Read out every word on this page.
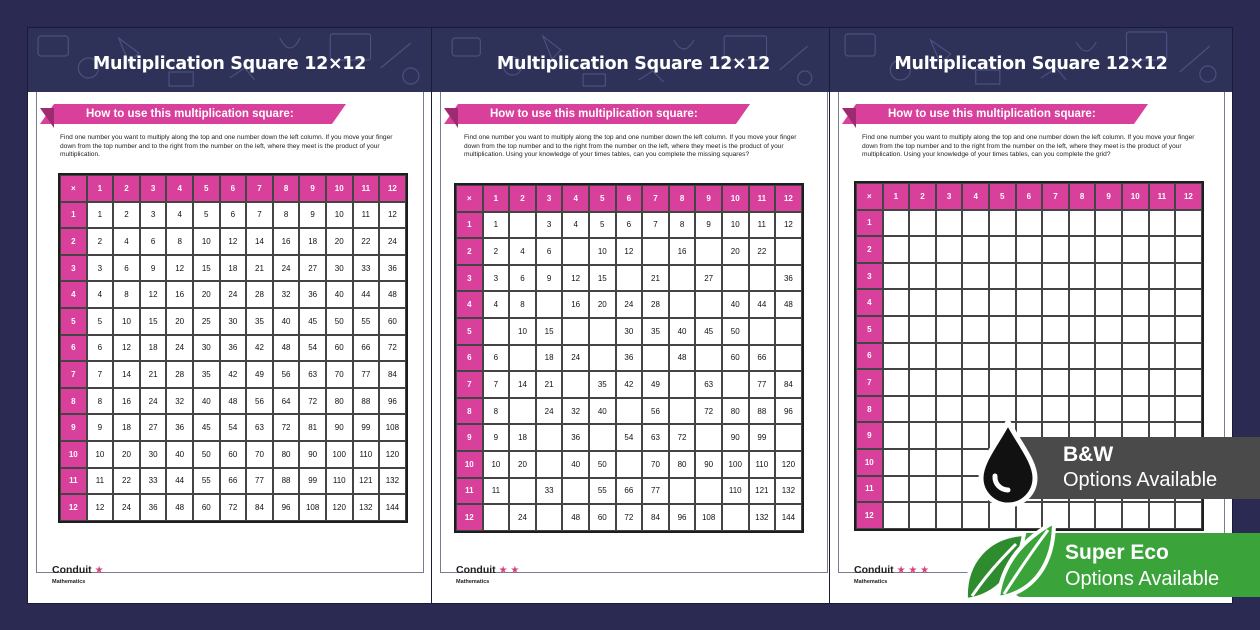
Multiplication Square 12×12
How to use this multiplication square:
Find one number you want to multiply along the top and one number down the left column. If you move your finger down from the top number and to the right from the number on the left, where they meet is the product of your multiplication.
×	1	2	3	4	5	6	7	8	9	10	11	12
1	1	2	3	4	5	6	7	8	9	10	11	12
2	2	4	6	8	10	12	14	16	18	20	22	24
3	3	6	9	12	15	18	21	24	27	30	33	36
4	4	8	12	16	20	24	28	32	36	40	44	48
5	5	10	15	20	25	30	35	40	45	50	55	60
6	6	12	18	24	30	36	42	48	54	60	66	72
7	7	14	21	28	35	42	49	56	63	70	77	84
8	8	16	24	32	40	48	56	64	72	80	88	96
9	9	18	27	36	45	54	63	72	81	90	99	108
10	10	20	30	40	50	60	70	80	90	100	110	120
11	11	22	33	44	55	66	77	88	99	110	121	132
12	12	24	36	48	60	72	84	96	108	120	132	144
Conduit ★
Mathematics
Multiplication Square 12×12
How to use this multiplication square:
Find one number you want to multiply along the top and one number down the left column. If you move your finger down from the top number and to the right from the number on the left, where they meet is the product of your multiplication. Using your knowledge of your times tables, can you complete the missing squares?
×	1	2	3	4	5	6	7	8	9	10	11	12
1	1		3	4	5	6	7	8	9	10	11	12
2	2	4	6		10	12		16		20	22	
3	3	6	9	12	15		21		27			36
4	4	8		16	20	24	28			40	44	48
5		10	15			30	35	40	45	50		
6	6		18	24		36		48		60	66	
7	7	14	21		35	42	49		63		77	84
8	8		24	32	40		56		72	80	88	96
9	9	18		36		54	63	72		90	99	
10	10	20		40	50		70	80	90	100	110	120
11	11		33		55	66	77			110	121	132
12		24		48	60	72	84	96	108		132	144
Conduit ★ ★
Mathematics
Multiplication Square 12×12
How to use this multiplication square:
Find one number you want to multiply along the top and one number down the left column. If you move your finger down from the top number and to the right from the number on the left, where they meet is the product of your multiplication. Using your knowledge of your times tables, can you complete the grid?
×	1	2	3	4	5	6	7	8	9	10	11	12
1												
2												
3												
4												
5												
6												
7												
8												
9												
10												
11												
12												
Conduit ★ ★ ★
Mathematics
B&W
Options Available
Super Eco
Options Available
